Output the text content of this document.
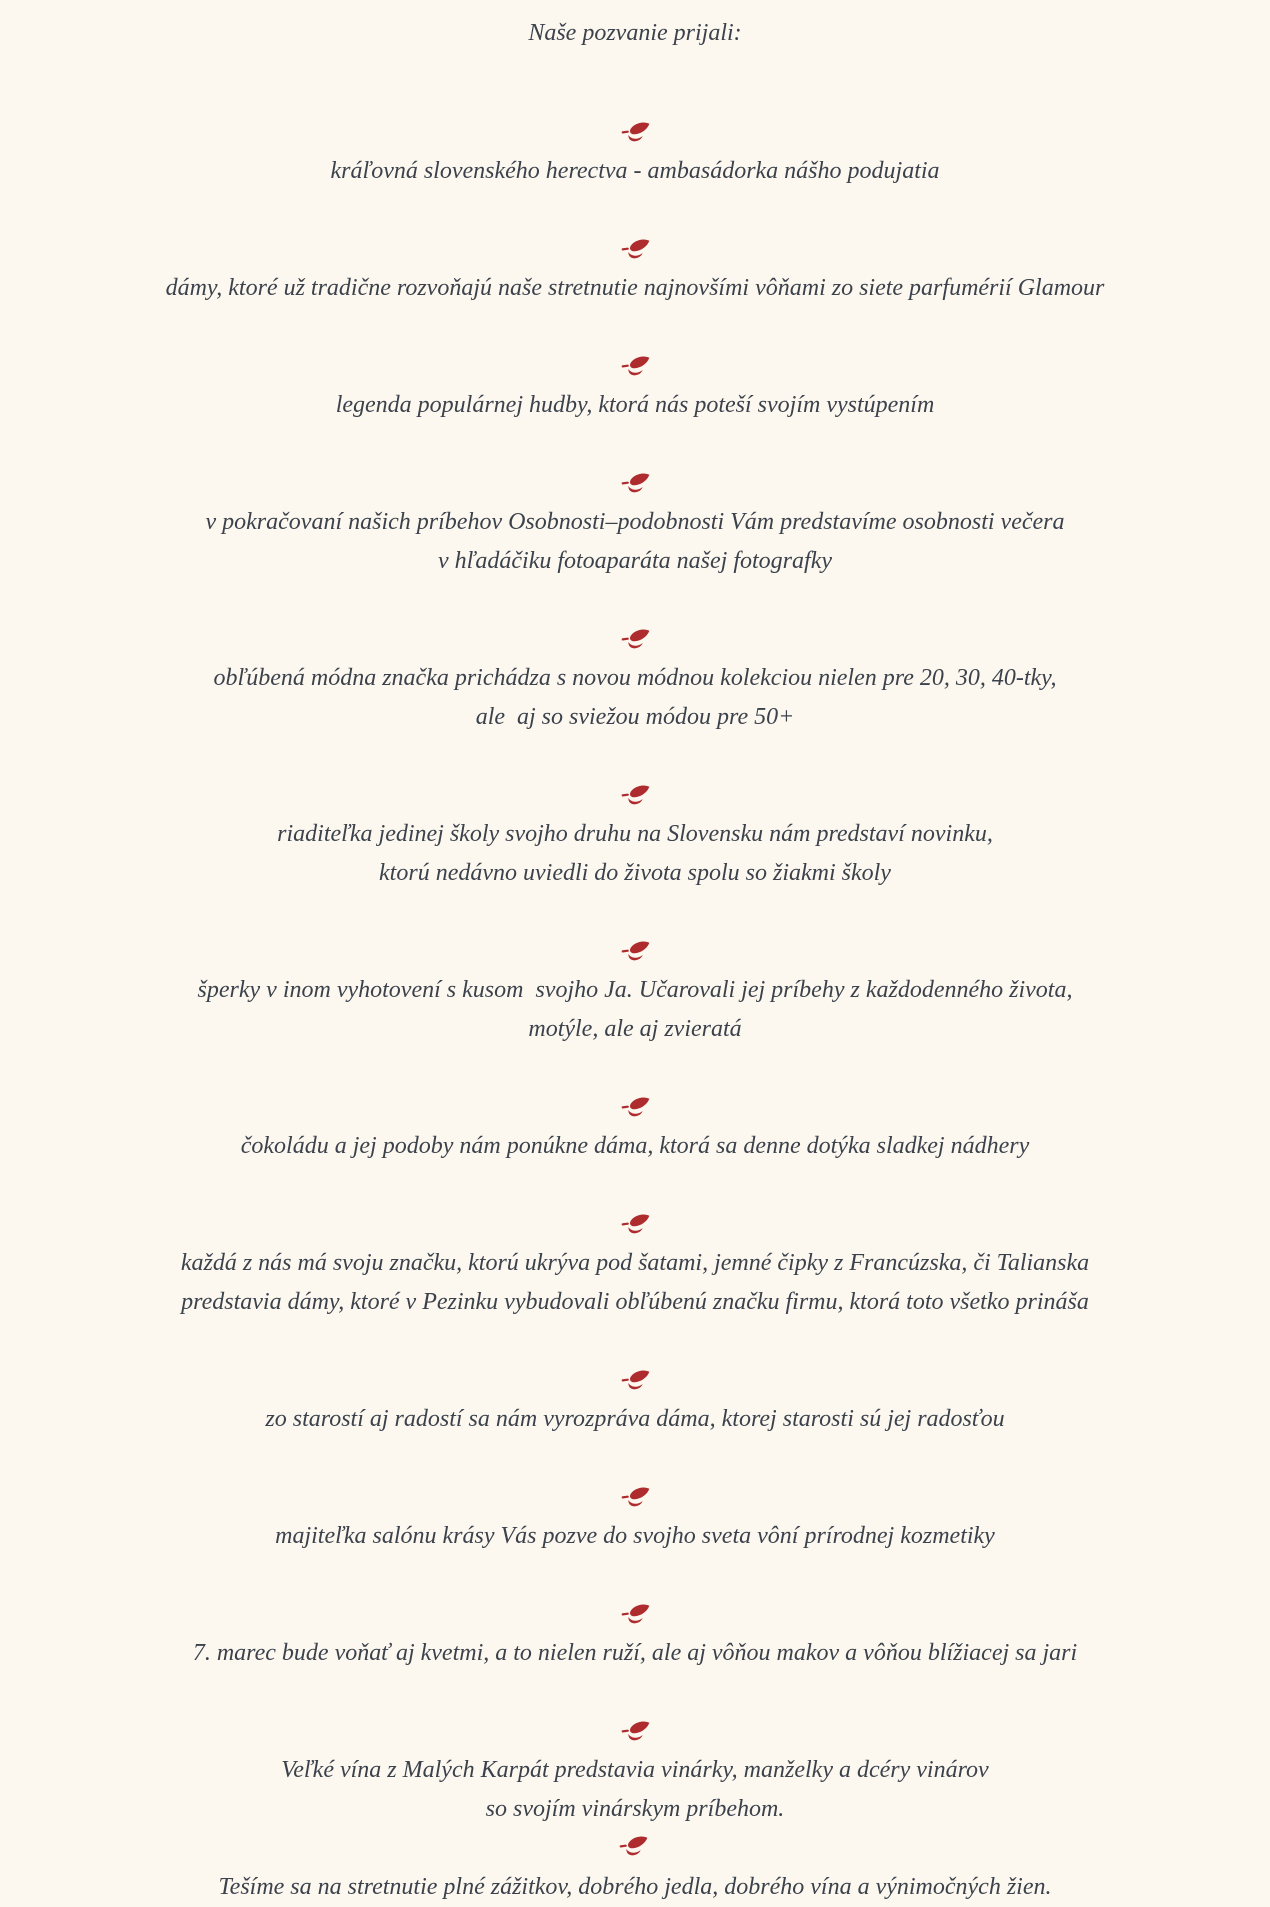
Naše pozvanie prijali:

kráľovná slovenského herectva - ambasádorka nášho podujatia

dámy, ktoré už tradične rozvoňajú naše stretnutie najnovšími vôňami zo siete parfumérií Glamour

legenda populárnej hudby, ktorá nás poteší svojím vystúpením

v pokračovaní našich príbehov Osobnosti–podobnosti Vám predstavíme osobnosti večera
v hľadáčiku fotoaparáta našej fotografky

obľúbená módna značka prichádza s novou módnou kolekciou nielen pre 20, 30, 40-tky,
ale  aj so sviežou módou pre 50+

riaditeľka jedinej školy svojho druhu na Slovensku nám predstaví novinku,
ktorú nedávno uviedli do života spolu so žiakmi školy

šperky v inom vyhotovení s kusom  svojho Ja. Učarovali jej príbehy z každodenného života,
motýle, ale aj zvieratá

čokoládu a jej podoby nám ponúkne dáma, ktorá sa denne dotýka sladkej nádhery

každá z nás má svoju značku, ktorú ukrýva pod šatami, jemné čipky z Francúzska, či Talianska
predstavia dámy, ktoré v Pezinku vybudovali obľúbenú značku firmu, ktorá toto všetko prináša

zo starostí aj radostí sa nám vyrozpráva dáma, ktorej starosti sú jej radosťou

majiteľka salónu krásy Vás pozve do svojho sveta vôní prírodnej kozmetiky

7. marec bude voňať aj kvetmi, a to nielen ruží, ale aj vôňou makov a vôňou blížiacej sa jari

Veľké vína z Malých Karpát predstavia vinárky, manželky a dcéry vinárov
so svojím vinárskym príbehom.
Tešíme sa na stretnutie plné zážitkov, dobrého jedla, dobrého vína a výnimočných žien.
